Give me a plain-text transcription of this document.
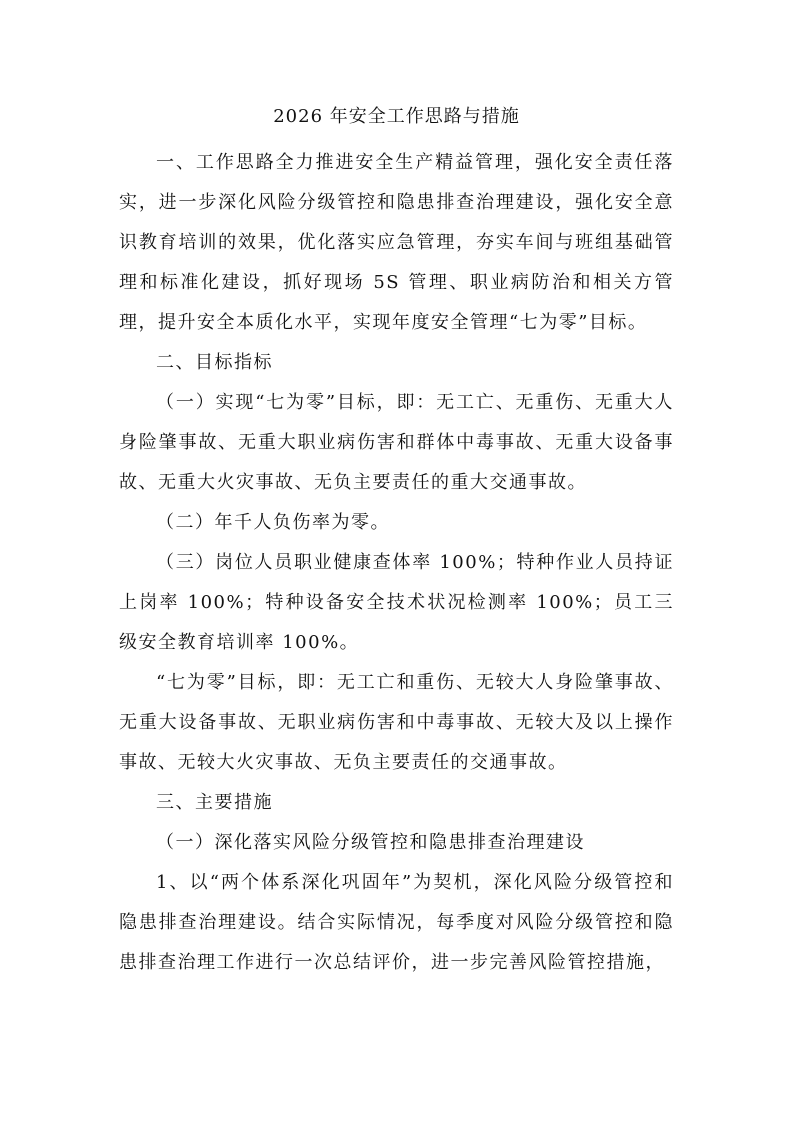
2026 年安全工作思路与措施

一、工作思路全力推进安全生产精益管理，强化安全责任落实，进一步深化风险分级管控和隐患排查治理建设，强化安全意识教育培训的效果，优化落实应急管理，夯实车间与班组基础管理和标准化建设，抓好现场 5S 管理、职业病防治和相关方管理，提升安全本质化水平，实现年度安全管理“七为零”目标。

二、目标指标

（一）实现“七为零”目标，即：无工亡、无重伤、无重大人身险肇事故、无重大职业病伤害和群体中毒事故、无重大设备事故、无重大火灾事故、无负主要责任的重大交通事故。

（二）年千人负伤率为零。

（三）岗位人员职业健康查体率 100%；特种作业人员持证上岗率 100%；特种设备安全技术状况检测率 100%；员工三级安全教育培训率 100%。

“七为零”目标，即：无工亡和重伤、无较大人身险肇事故、无重大设备事故、无职业病伤害和中毒事故、无较大及以上操作事故、无较大火灾事故、无负主要责任的交通事故。

三、主要措施

（一）深化落实风险分级管控和隐患排查治理建设

1、以“两个体系深化巩固年”为契机，深化风险分级管控和隐患排查治理建设。结合实际情况，每季度对风险分级管控和隐患排查治理工作进行一次总结评价，进一步完善风险管控措施，
